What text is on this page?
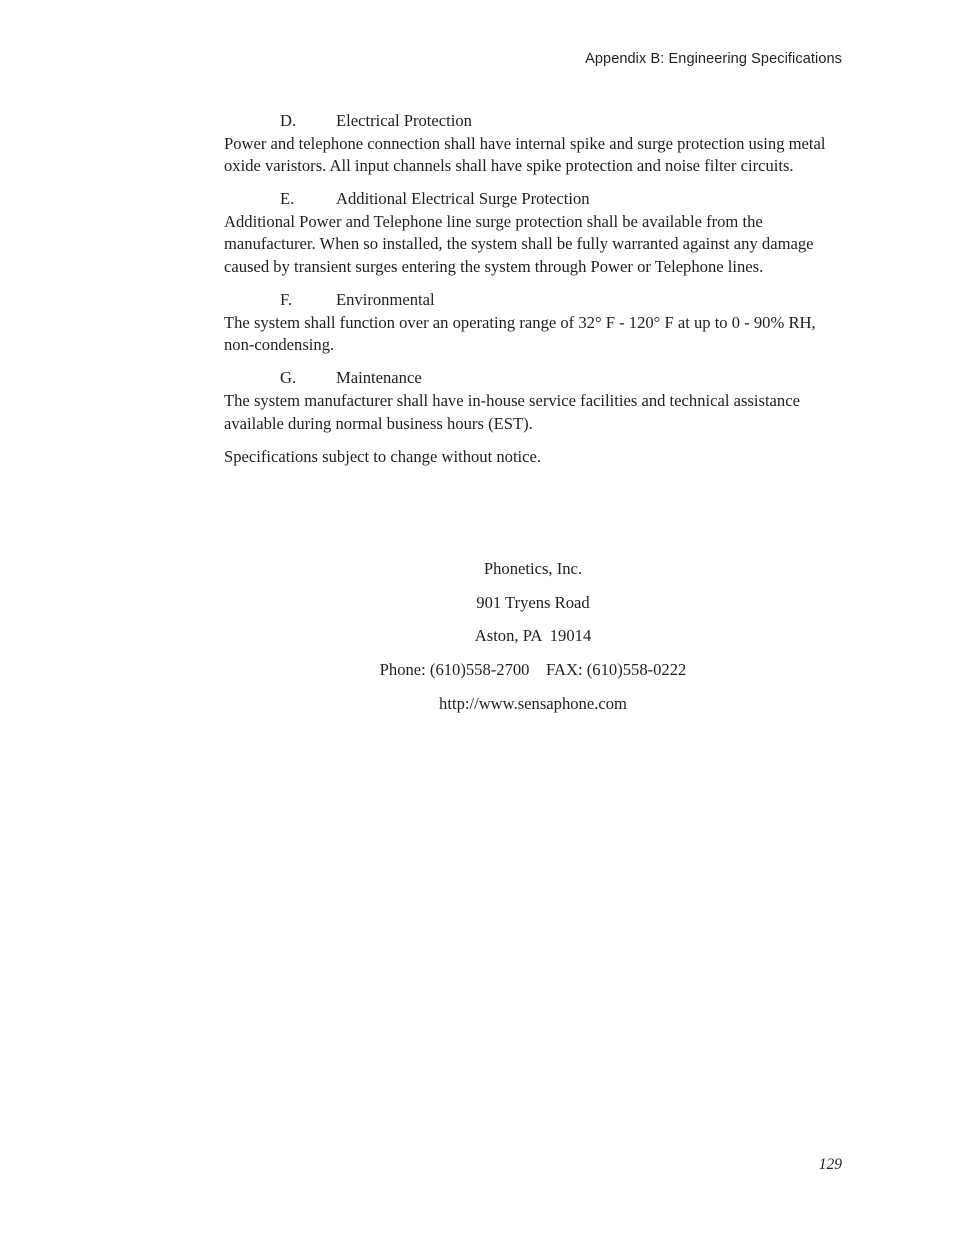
Appendix B: Engineering Specifications
D.	Electrical Protection

Power and telephone connection shall have internal spike and surge protection using metal oxide varistors. All input channels shall have spike protection and noise filter circuits.

E.	Additional Electrical Surge Protection

Additional Power and Telephone line surge protection shall be available from the manufacturer. When so installed, the system shall be fully warranted against any damage caused by transient surges entering the system through Power or Telephone lines.

F.	Environmental

The system shall function over an operating range of 32° F - 120° F at up to 0 - 90% RH, non-condensing.

G.	Maintenance

The system manufacturer shall have in-house service facilities and technical assistance available during normal business hours (EST).

Specifications subject to change without notice.

Phonetics, Inc.

901 Tryens Road

Aston, PA  19014

Phone: (610)558-2700    FAX: (610)558-0222

http://www.sensaphone.com

129
